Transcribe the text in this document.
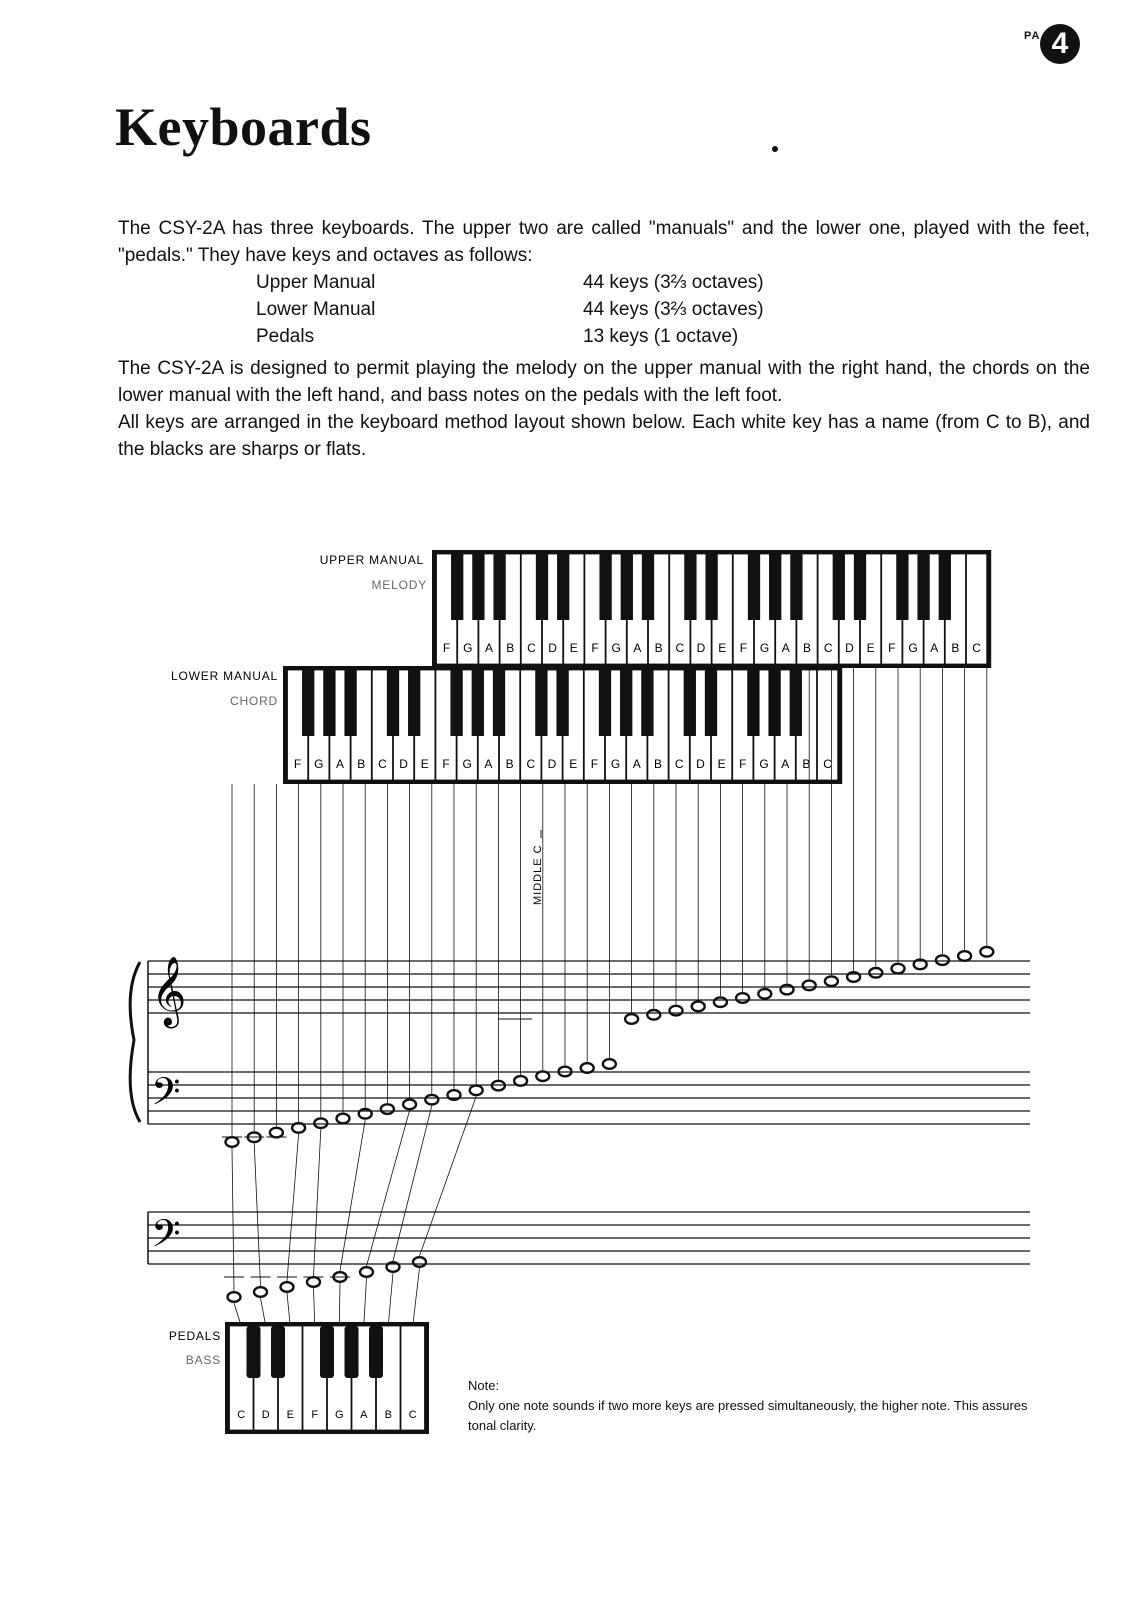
PA 4
Keyboards
The CSY-2A has three keyboards. The upper two are called "manuals" and the lower one, played with the feet, "pedals." They have keys and octaves as follows:
Upper Manual	44 keys (3⅔ octaves)
Lower Manual	44 keys (3⅔ octaves)
Pedals	13 keys (1 octave)
The CSY-2A is designed to permit playing the melody on the upper manual with the right hand, the chords on the lower manual with the left hand, and bass notes on the pedals with the left foot.
All keys are arranged in the keyboard method layout shown below. Each white key has a name (from C to B), and the blacks are sharps or flats.
UPPER MANUAL
MELODY
LOWER MANUAL
CHORD
PEDALS
BASS
MIDDLE C
F G A B C D E F G A B C D E F G A B C D E F G A B C
F G A B C D E F G A B C D E F G A B C D E F G A B C
𝄞
𝄢
𝄢
C D E F G A B C
Note:
Only one note sounds if two more keys are pressed simultaneously, the higher note. This assures tonal clarity.
